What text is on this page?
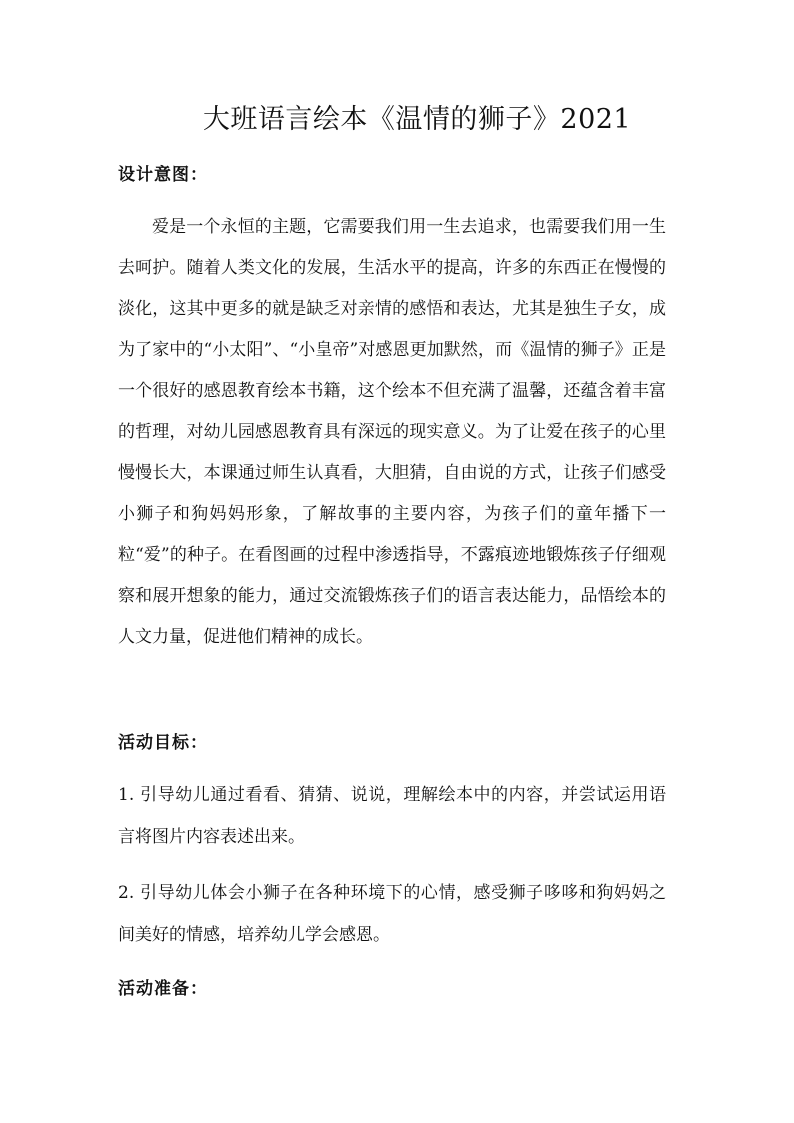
大班语言绘本《温情的狮子》2021
设计意图：

爱是一个永恒的主题，它需要我们用一生去追求，也需要我们用一生去呵护。随着人类文化的发展，生活水平的提高，许多的东西正在慢慢的淡化，这其中更多的就是缺乏对亲情的感悟和表达，尤其是独生子女，成为了家中的“小太阳”、“小皇帝”对感恩更加默然，而《温情的狮子》正是一个很好的感恩教育绘本书籍，这个绘本不但充满了温馨，还蕴含着丰富的哲理，对幼儿园感恩教育具有深远的现实意义。为了让爱在孩子的心里慢慢长大，本课通过师生认真看，大胆猜，自由说的方式，让孩子们感受小狮子和狗妈妈形象，了解故事的主要内容，为孩子们的童年播下一粒“爱”的种子。在看图画的过程中渗透指导，不露痕迹地锻炼孩子仔细观察和展开想象的能力，通过交流锻炼孩子们的语言表达能力，品悟绘本的人文力量，促进他们精神的成长。

活动目标：

1. 引导幼儿通过看看、猜猜、说说，理解绘本中的内容，并尝试运用语言将图片内容表述出来。

2. 引导幼儿体会小狮子在各种环境下的心情，感受狮子哆哆和狗妈妈之间美好的情感，培养幼儿学会感恩。

活动准备：
